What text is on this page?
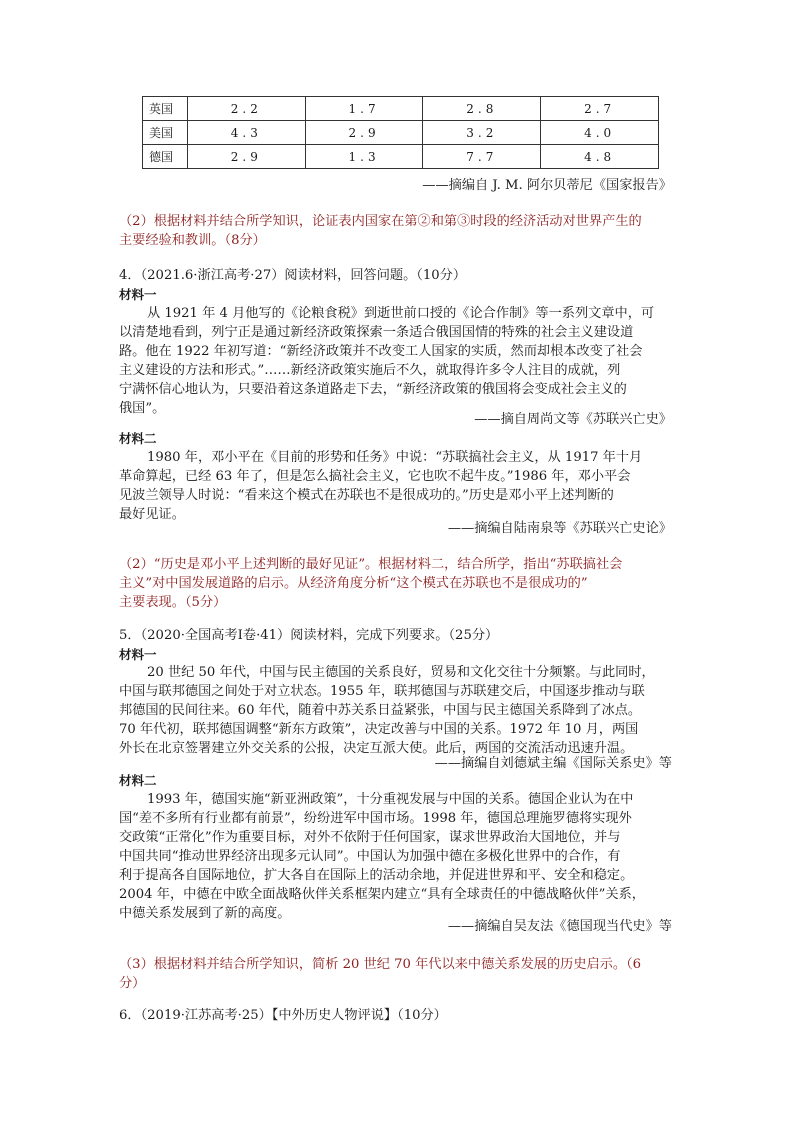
英国	2.2	1.7	2.8	2.7
美国	4.3	2.9	3.2	4.0
德国	2.9	1.3	7.7	4.8
——摘编自 J. M. 阿尔贝蒂尼《国家报告》
（2）根据材料并结合所学知识，论证表内国家在第②和第③时段的经济活动对世界产生的
主要经验和教训。（8分）
4．（2021.6·浙江高考·27）阅读材料，回答问题。（10分）
材料一
从 1921 年 4 月他写的《论粮食税》到逝世前口授的《论合作制》等一系列文章中，可
以清楚地看到，列宁正是通过新经济政策探索一条适合俄国国情的特殊的社会主义建设道
路。他在 1922 年初写道：“新经济政策并不改变工人国家的实质，然而却根本改变了社会
主义建设的方法和形式。”……新经济政策实施后不久，就取得许多令人注目的成就，列
宁满怀信心地认为，只要沿着这条道路走下去，“新经济政策的俄国将会变成社会主义的
俄国”。
——摘自周尚文等《苏联兴亡史》
材料二
1980 年，邓小平在《目前的形势和任务》中说：“苏联搞社会主义，从 1917 年十月
革命算起，已经 63 年了，但是怎么搞社会主义，它也吹不起牛皮。”1986 年，邓小平会
见波兰领导人时说：“看来这个模式在苏联也不是很成功的。”历史是邓小平上述判断的
最好见证。
——摘编自陆南泉等《苏联兴亡史论》
（2）“历史是邓小平上述判断的最好见证”。根据材料二，结合所学，指出“苏联搞社会
主义”对中国发展道路的启示。从经济角度分析“这个模式在苏联也不是很成功的”
主要表现。（5分）
5．（2020·全国高考Ⅰ卷·41）阅读材料，完成下列要求。（25分）
材料一
20 世纪 50 年代，中国与民主德国的关系良好，贸易和文化交往十分频繁。与此同时，
中国与联邦德国之间处于对立状态。1955 年，联邦德国与苏联建交后，中国逐步推动与联
邦德国的民间往来。60 年代，随着中苏关系日益紧张，中国与民主德国关系降到了冰点。
70 年代初，联邦德国调整“新东方政策”，决定改善与中国的关系。1972 年 10 月，两国
外长在北京签署建立外交关系的公报，决定互派大使。此后，两国的交流活动迅速升温。
——摘编自刘德斌主编《国际关系史》等
材料二
1993 年，德国实施“新亚洲政策”，十分重视发展与中国的关系。德国企业认为在中
国“差不多所有行业都有前景”，纷纷进军中国市场。1998 年，德国总理施罗德将实现外
交政策“正常化”作为重要目标，对外不依附于任何国家，谋求世界政治大国地位，并与
中国共同“推动世界经济出现多元认同”。中国认为加强中德在多极化世界中的合作，有
利于提高各自国际地位，扩大各自在国际上的活动余地，并促进世界和平、安全和稳定。
2004 年，中德在中欧全面战略伙伴关系框架内建立“具有全球责任的中德战略伙伴”关系，
中德关系发展到了新的高度。
——摘编自吴友法《德国现当代史》等
（3）根据材料并结合所学知识，简析 20 世纪 70 年代以来中德关系发展的历史启示。（6
分）
6．（2019·江苏高考·25）【中外历史人物评说】（10分）
